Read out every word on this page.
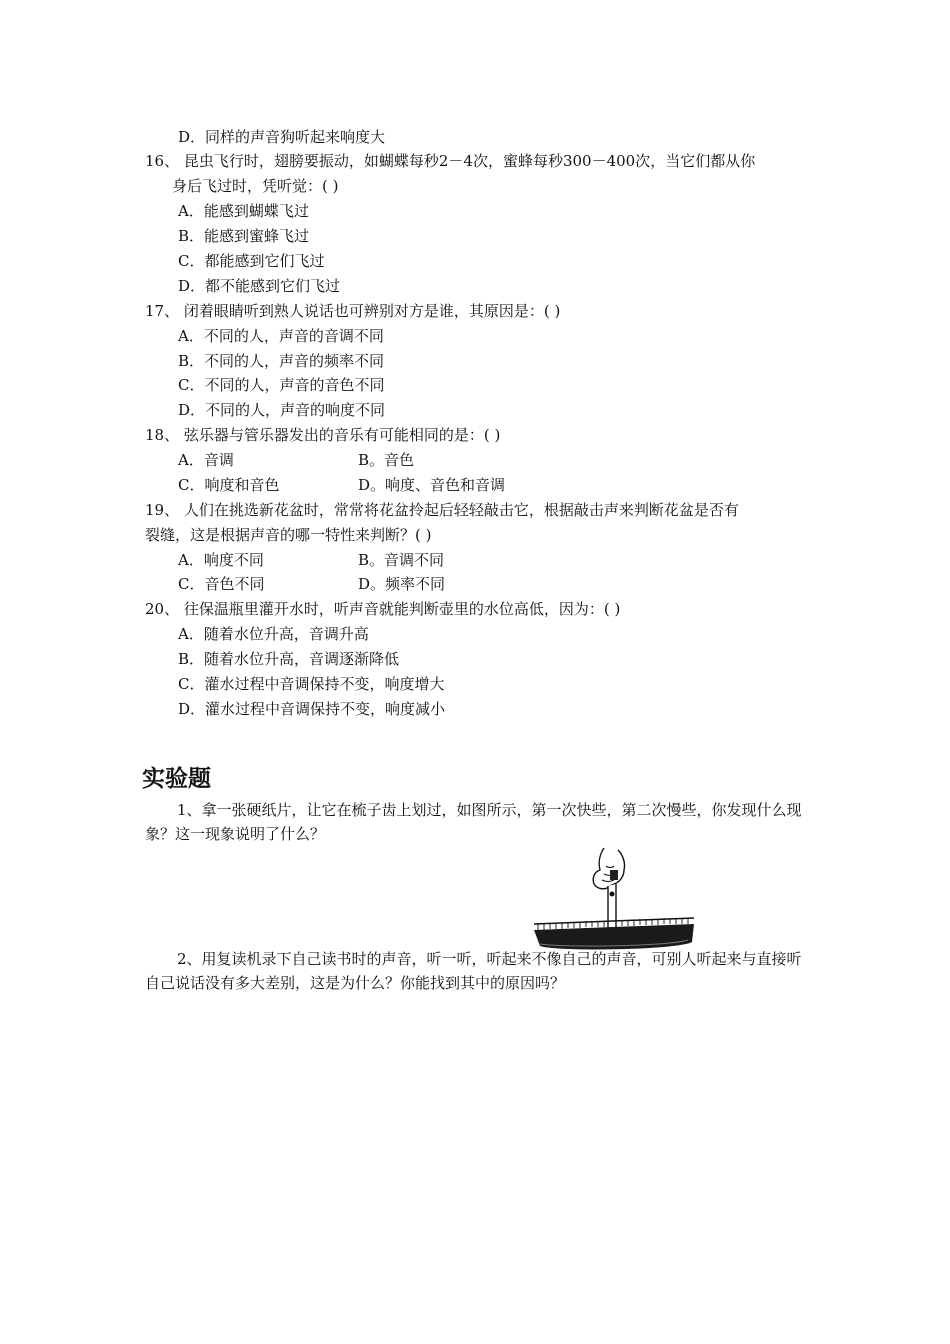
D．同样的声音狗听起来响度大
16、 昆虫飞行时，翅膀要振动，如蝴蝶每秒2－4次，蜜蜂每秒300－400次，当它们都从你
身后飞过时，凭听觉：( )
A．能感到蝴蝶飞过
B．能感到蜜蜂飞过
C．都能感到它们飞过
D．都不能感到它们飞过
17、 闭着眼睛听到熟人说话也可辨别对方是谁，其原因是：( )
A．不同的人，声音的音调不同
B．不同的人，声音的频率不同
C．不同的人，声音的音色不同
D．不同的人，声音的响度不同
18、 弦乐器与管乐器发出的音乐有可能相同的是：( )
A．音调	B。音色
C．响度和音色	D。响度、音色和音调
19、 人们在挑选新花盆时，常常将花盆拎起后轻轻敲击它，根据敲击声来判断花盆是否有
裂缝，这是根据声音的哪一特性来判断？( )
A．响度不同	B。音调不同
C．音色不同	D。频率不同
20、 往保温瓶里灌开水时，听声音就能判断壶里的水位高低，因为：( )
A．随着水位升高，音调升高
B．随着水位升高，音调逐渐降低
C．灌水过程中音调保持不变，响度增大
D．灌水过程中音调保持不变，响度减小
实验题
1、拿一张硬纸片，让它在梳子齿上划过，如图所示，第一次快些，第二次慢些，你发现什么现象？这一现象说明了什么？
2、用复读机录下自己读书时的声音，听一听，听起来不像自己的声音，可别人听起来与直接听自己说话没有多大差别，这是为什么？你能找到其中的原因吗？
